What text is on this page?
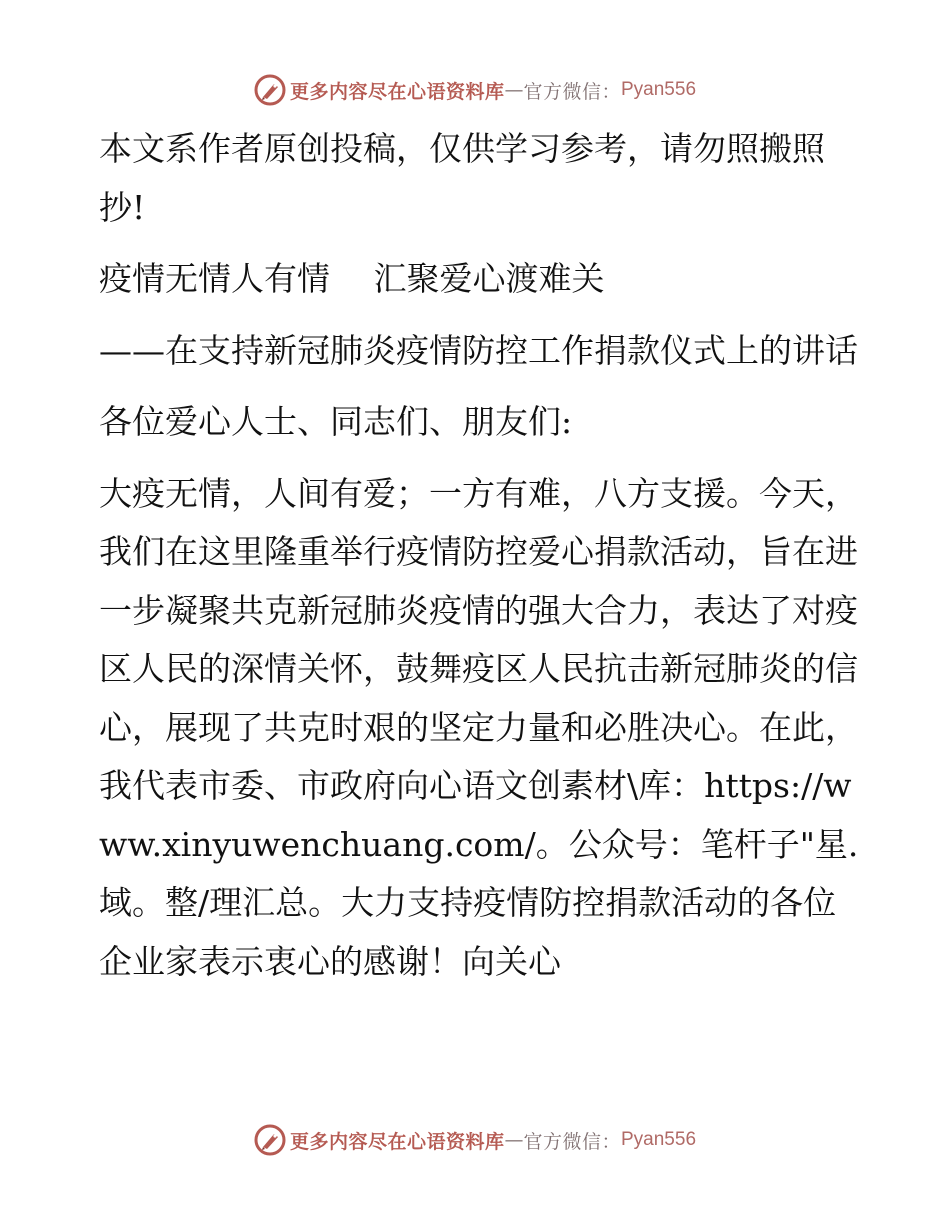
更多内容尽在心语资料库 — 官方微信： Pyan556

本文系作者原创投稿，仅供学习参考，请勿照搬照抄!

疫情无情人有情　 汇聚爱心渡难关

——在支持新冠肺炎疫情防控工作捐款仪式上的讲话

各位爱心人士、同志们、朋友们:

大疫无情，人间有爱；一方有难，八方支援。今天，我们在这里隆重举行疫情防控爱心捐款活动，旨在进一步凝聚共克新冠肺炎疫情的强大合力，表达了对疫区人民的深情关怀，鼓舞疫区人民抗击新冠肺炎的信心，展现了共克时艰的坚定力量和必胜决心。在此，我代表市委、市政府向心语文创素材\库：https://www.xinyuwenchuang.com/。公众号：笔杆子"星.域。整/理汇总。大力支持疫情防控捐款活动的各位企业家表示衷心的感谢！向关心

更多内容尽在心语资料库 — 官方微信： Pyan556
